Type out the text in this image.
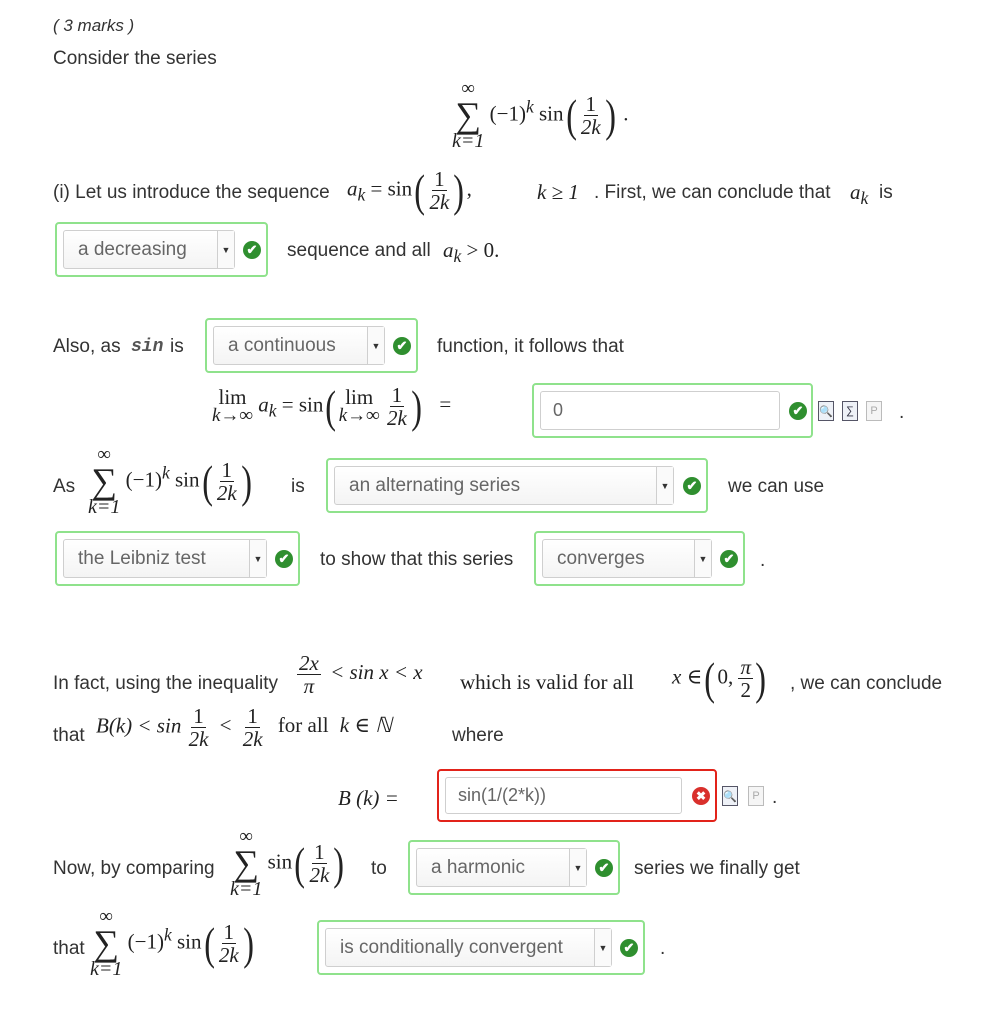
( 3 marks )
Consider the series
∞
∑
k=1
$(-1)^k$ $\sin( \frac{1}{2k}$ ) .
(i) Let us introduce the sequence $a_k = \sin( \frac{1}{2k}$ ) ,	k ≥ 1 . First, we can conclude that $a_k$ is
a decreasing	▼ ✔ sequence and all $a_k > 0$.
Also, as sin is a continuous	▼ ✔ function, it follows that
lim
k→∞ $a_k = \sin$( lim
k→∞
$\frac{1}{2k}$ ) =	0	✔	🔍	∑	P .
As
∞
∑
k=1
$(-1)^k$ $\sin( \frac{1}{2k}$ ) is an alternating series	▼ ✔ we can use
the Leibniz test	▼ ✔ to show that this series converges	▼ ✔ .
In fact, using the inequality $\frac{2x}{\pi} < \sin x < x$ which is valid for all x ∈( 0, $\frac{\pi}{2}$ ) , we can conclude
that $B(k) < \sin \frac{1}{2k} < \frac{1}{2k}$ for all k ∈ ℕ	where
B (k) =	sin(1/(2*k))	✖	🔍	P .
Now, by comparing
∞
∑
k=1
$\sin( \frac{1}{2k}$ ) to a harmonic	▼ ✔ series we finally get
that
∞
∑
k=1
$(-1)^k$ $\sin( \frac{1}{2k}$ )	is conditionally convergent	▼ ✔ .
